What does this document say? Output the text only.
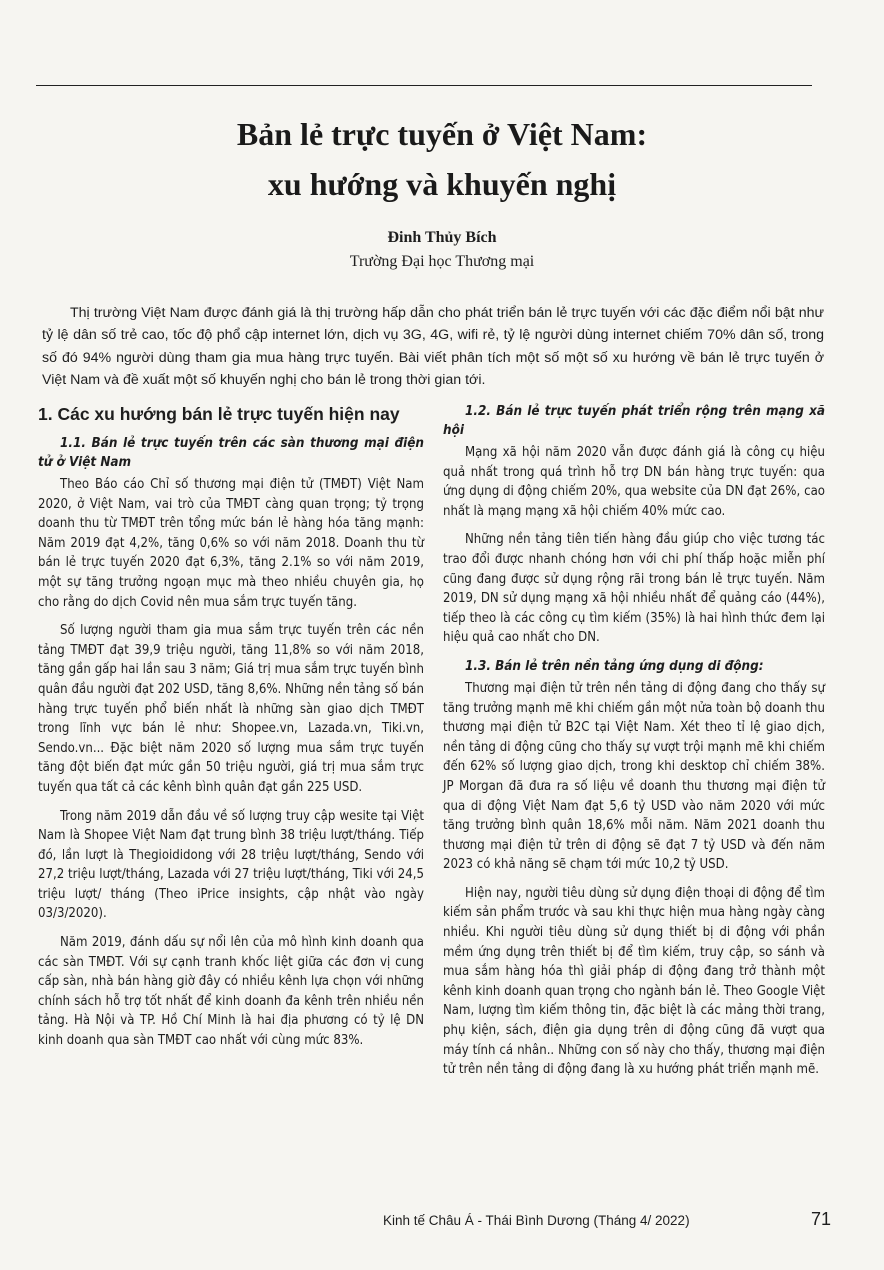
Bản lẻ trực tuyến ở Việt Nam:
xu hướng và khuyến nghị
Đinh Thủy Bích
Trường Đại học Thương mại

Thị trường Việt Nam được đánh giá là thị trường hấp dẫn cho phát triển bán lẻ trực tuyến với các đặc điểm nổi bật như tỷ lệ dân số trẻ cao, tốc độ phổ cập internet lớn, dịch vụ 3G, 4G, wifi rẻ, tỷ lệ người dùng internet chiếm 70% dân số, trong số đó 94% người dùng tham gia mua hàng trực tuyến. Bài viết phân tích một số một số xu hướng về bán lẻ trực tuyến ở Việt Nam và đề xuất một số khuyến nghị cho bán lẻ trong thời gian tới.

1. Các xu hướng bán lẻ trực tuyến hiện nay
1.1. Bán lẻ trực tuyến trên các sàn thương mại điện tử ở Việt Nam

Theo Báo cáo Chỉ số thương mại điện tử (TMĐT) Việt Nam 2020, ở Việt Nam, vai trò của TMĐT càng quan trọng; tỷ trọng doanh thu từ TMĐT trên tổng mức bán lẻ hàng hóa tăng mạnh: Năm 2019 đạt 4,2%, tăng 0,6% so với năm 2018. Doanh thu từ bán lẻ trực tuyến 2020 đạt 6,3%, tăng 2.1% so với năm 2019, một sự tăng trưởng ngoạn mục mà theo nhiều chuyên gia, họ cho rằng do dịch Covid nên mua sắm trực tuyến tăng.

Số lượng người tham gia mua sắm trực tuyến trên các nền tảng TMĐT đạt 39,9 triệu người, tăng 11,8% so với năm 2018, tăng gần gấp hai lần sau 3 năm; Giá trị mua sắm trực tuyến bình quân đầu người đạt 202 USD, tăng 8,6%. Những nền tảng số bán hàng trực tuyến phổ biến nhất là những sàn giao dịch TMĐT trong lĩnh vực bán lẻ như: Shopee.vn, Lazada.vn, Tiki.vn, Sendo.vn... Đặc biệt năm 2020 số lượng mua sắm trực tuyến tăng đột biến đạt mức gần 50 triệu người, giá trị mua sắm trực tuyến qua tất cả các kênh bình quân đạt gần 225 USD.

Trong năm 2019 dẫn đầu về số lượng truy cập wesite tại Việt Nam là Shopee Việt Nam đạt trung bình 38 triệu lượt/tháng. Tiếp đó, lần lượt là Thegioididong với 28 triệu lượt/tháng, Sendo với 27,2 triệu lượt/tháng, Lazada với 27 triệu lượt/tháng, Tiki với 24,5 triệu lượt/ tháng (Theo iPrice insights, cập nhật vào ngày 03/3/2020).

Năm 2019, đánh dấu sự nổi lên của mô hình kinh doanh qua các sàn TMĐT. Với sự cạnh tranh khốc liệt giữa các đơn vị cung cấp sàn, nhà bán hàng giờ đây có nhiều kênh lựa chọn với những chính sách hỗ trợ tốt nhất để kinh doanh đa kênh trên nhiều nền tảng. Hà Nội và TP. Hồ Chí Minh là hai địa phương có tỷ lệ DN kinh doanh qua sàn TMĐT cao nhất với cùng mức 83%.

1.2. Bán lẻ trực tuyến phát triển rộng trên mạng xã hội

Mạng xã hội năm 2020 vẫn được đánh giá là công cụ hiệu quả nhất trong quá trình hỗ trợ DN bán hàng trực tuyến: qua ứng dụng di động chiếm 20%, qua website của DN đạt 26%, cao nhất là mạng mạng xã hội chiếm 40% mức cao.

Những nền tảng tiên tiến hàng đầu giúp cho việc tương tác trao đổi được nhanh chóng hơn với chi phí thấp hoặc miễn phí cũng đang được sử dụng rộng rãi trong bán lẻ trực tuyến. Năm 2019, DN sử dụng mạng xã hội nhiều nhất để quảng cáo (44%), tiếp theo là các công cụ tìm kiếm (35%) là hai hình thức đem lại hiệu quả cao nhất cho DN.

1.3. Bán lẻ trên nền tảng ứng dụng di động:

Thương mại điện tử trên nền tảng di động đang cho thấy sự tăng trưởng mạnh mẽ khi chiếm gần một nửa toàn bộ doanh thu thương mại điện tử B2C tại Việt Nam. Xét theo tỉ lệ giao dịch, nền tảng di động cũng cho thấy sự vượt trội mạnh mẽ khi chiếm đến 62% số lượng giao dịch, trong khi desktop chỉ chiếm 38%. JP Morgan đã đưa ra số liệu về doanh thu thương mại điện tử qua di động Việt Nam đạt 5,6 tỷ USD vào năm 2020 với mức tăng trưởng bình quân 18,6% mỗi năm. Năm 2021 doanh thu thương mại điện tử trên di động sẽ đạt 7 tỷ USD và đến năm 2023 có khả năng sẽ chạm tới mức 10,2 tỷ USD.

Hiện nay, người tiêu dùng sử dụng điện thoại di động để tìm kiếm sản phẩm trước và sau khi thực hiện mua hàng ngày càng nhiều. Khi người tiêu dùng sử dụng thiết bị di động với phần mềm ứng dụng trên thiết bị để tìm kiếm, truy cập, so sánh và mua sắm hàng hóa thì giải pháp di động đang trở thành một kênh kinh doanh quan trọng cho ngành bán lẻ. Theo Google Việt Nam, lượng tìm kiếm thông tin, đặc biệt là các mảng thời trang, phụ kiện, sách, điện gia dụng trên di động cũng đã vượt qua máy tính cá nhân.. Những con số này cho thấy, thương mại điện tử trên nền tảng di động đang là xu hướng phát triển mạnh mẽ.

Kinh tế Châu Á - Thái Bình Dương (Tháng 4/ 2022)	71
